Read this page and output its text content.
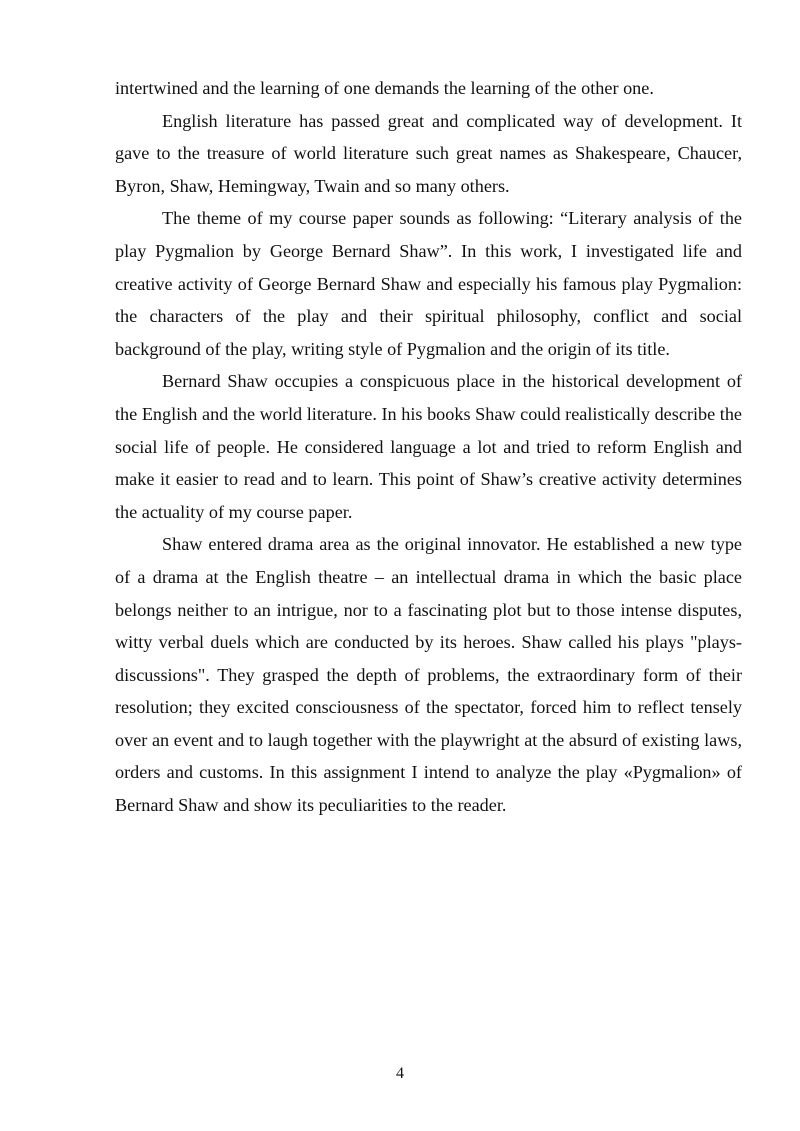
intertwined and the learning of one demands the learning of the other one.

English literature has passed great and complicated way of development. It gave to the treasure of world literature such great names as Shakespeare, Chaucer, Byron, Shaw, Hemingway, Twain and so many others.

The theme of my course paper sounds as following: “Literary analysis of the play Pygmalion by George Bernard Shaw”. In this work, I investigated life and creative activity of George Bernard Shaw and especially his famous play Pygmalion: the characters of the play and their spiritual philosophy, conflict and social background of the play, writing style of Pygmalion and the origin of its title.

Bernard Shaw occupies a conspicuous place in the historical development of the English and the world literature. In his books Shaw could realistically describe the social life of people. He considered language a lot and tried to reform English and make it easier to read and to learn. This point of Shaw’s creative activity determines the actuality of my course paper.

Shaw entered drama area as the original innovator. He established a new type of a drama at the English theatre – an intellectual drama in which the basic place belongs neither to an intrigue, nor to a fascinating plot but to those intense disputes, witty verbal duels which are conducted by its heroes. Shaw called his plays "plays-discussions". They grasped the depth of problems, the extraordinary form of their resolution; they excited consciousness of the spectator, forced him to reflect tensely over an event and to laugh together with the playwright at the absurd of existing laws, orders and customs. In this assignment I intend to analyze the play «Pygmalion» of Bernard Shaw and show its peculiarities to the reader.

4
